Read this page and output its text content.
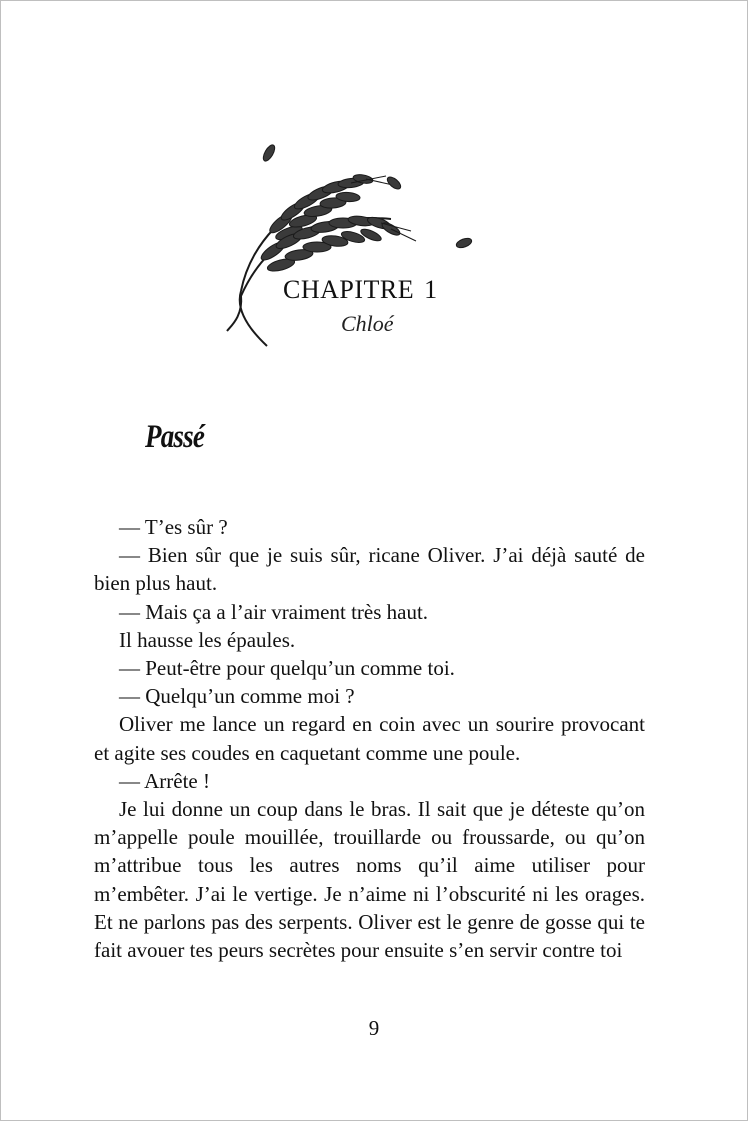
CHAPITRE 1
Chloé
Passé

— T’es sûr ?

— Bien sûr que je suis sûr, ricane Oliver. J’ai déjà sauté de bien plus haut.

— Mais ça a l’air vraiment très haut.

Il hausse les épaules.

— Peut-être pour quelqu’un comme toi.

— Quelqu’un comme moi ?

Oliver me lance un regard en coin avec un sourire provocant et agite ses coudes en caquetant comme une poule.

— Arrête !

Je lui donne un coup dans le bras. Il sait que je déteste qu’on m’appelle poule mouillée, trouillarde ou froussarde, ou qu’on m’attribue tous les autres noms qu’il aime utiliser pour m’embêter. J’ai le vertige. Je n’aime ni l’obscurité ni les orages. Et ne parlons pas des serpents. Oliver est le genre de gosse qui te fait avouer tes peurs secrètes pour ensuite s’en servir contre toi

9
